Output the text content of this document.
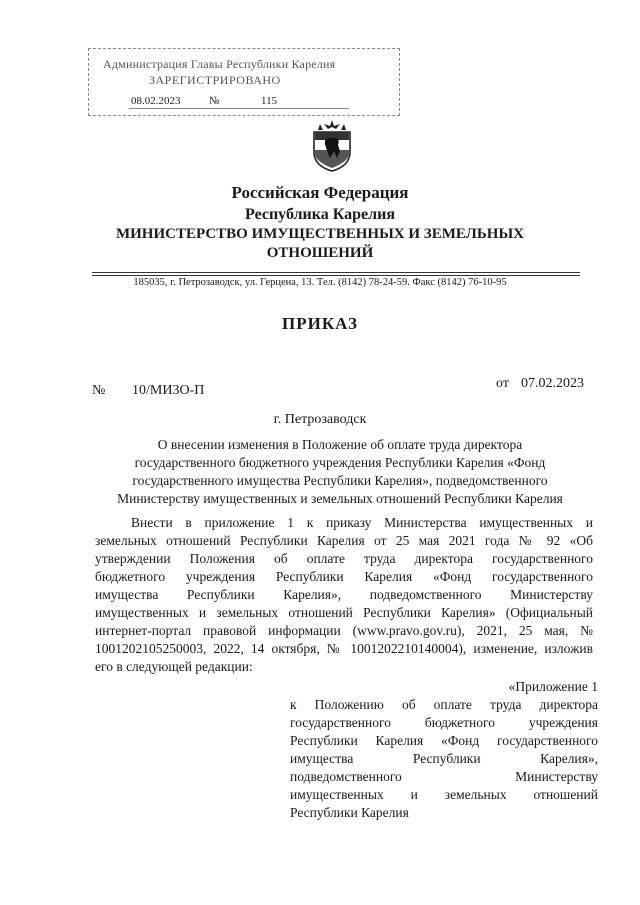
Администрация Главы Республики Карелия
ЗАРЕГИСТРИРОВАНО
08.02.2023	№	115
Российская Федерация
Республика Карелия
МИНИСТЕРСТВО ИМУЩЕСТВЕННЫХ И ЗЕМЕЛЬНЫХ
ОТНОШЕНИЙ
185035, г. Петрозаводск, ул. Герцена, 13. Тел. (8142) 78-24-59. Факс (8142) 76-10-95
ПРИКАЗ
№ 10/МИЗО-П	от 07.02.2023
г. Петрозаводск
О внесении изменения в Положение об оплате труда директора
государственного бюджетного учреждения Республики Карелия «Фонд
государственного имущества Республики Карелия», подведомственного
Министерству имущественных и земельных отношений Республики Карелия
Внести в приложение 1 к приказу Министерства имущественных и
земельных отношений Республики Карелия от 25 мая 2021 года № 92 «Об
утверждении Положения об оплате труда директора государственного
бюджетного учреждения Республики Карелия «Фонд государственного
имущества Республики Карелия», подведомственного Министерству
имущественных и земельных отношений Республики Карелия» (Официальный
интернет-портал правовой информации (www.pravo.gov.ru), 2021, 25 мая, №
1001202105250003, 2022, 14 октября, № 1001202210140004), изменение, изложив
его в следующей редакции:
«Приложение 1
к Положению об оплате труда директора
государственного бюджетного учреждения
Республики Карелия «Фонд государственного
имущества Республики Карелия»,
подведомственного Министерству
имущественных и земельных отношений
Республики Карелия
